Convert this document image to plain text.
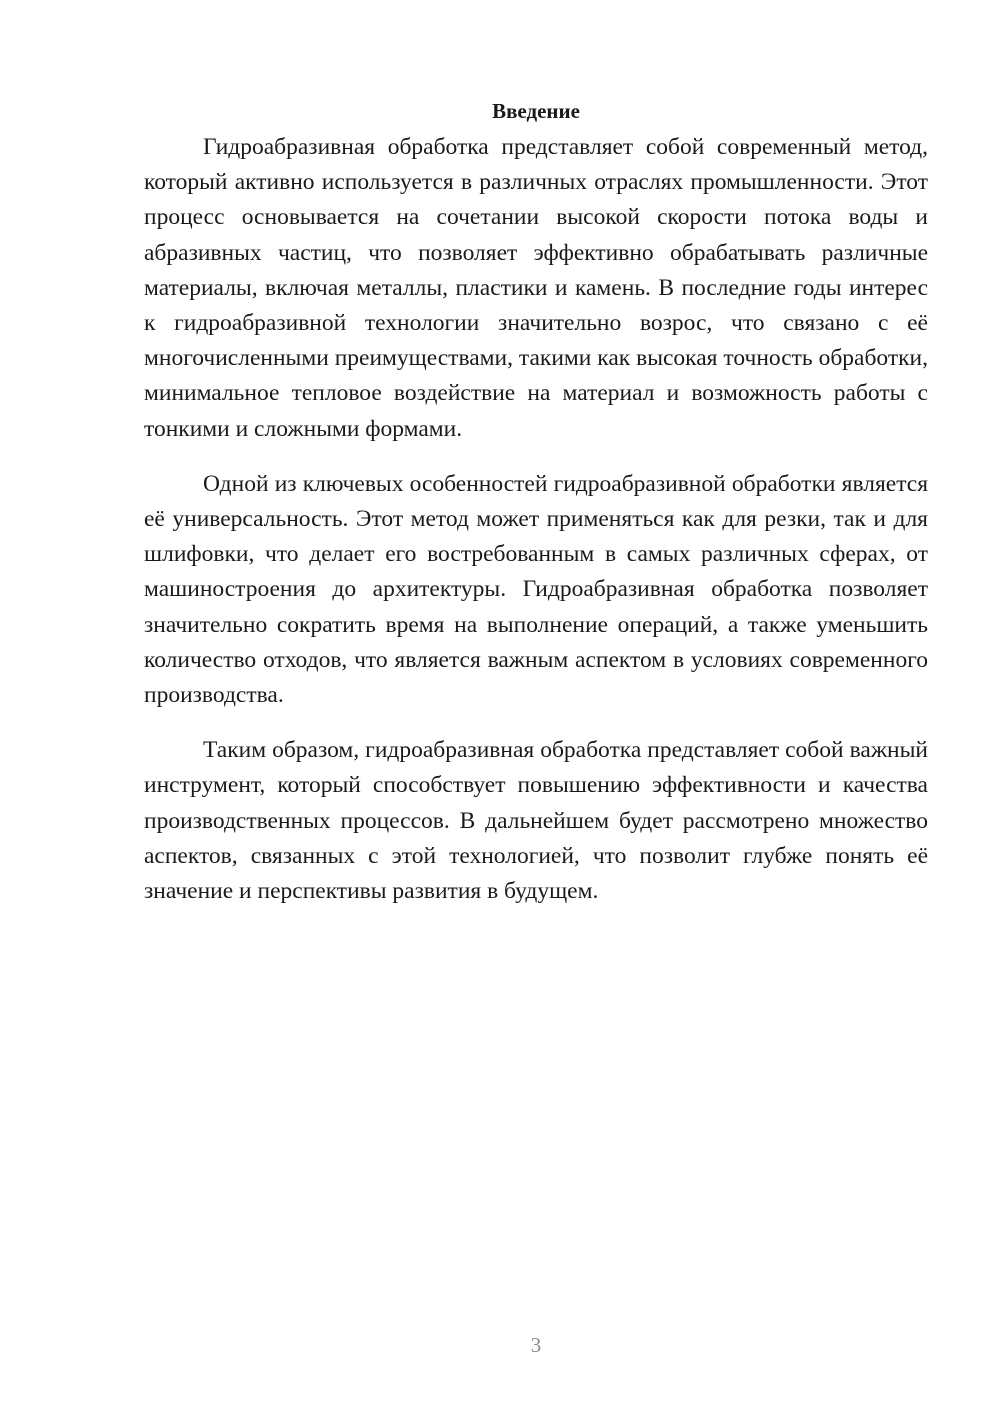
Введение

Гидроабразивная обработка представляет собой современный метод, который активно используется в различных отраслях промышленности. Этот процесс основывается на сочетании высокой скорости потока воды и абразивных частиц, что позволяет эффективно обрабатывать различные материалы, включая металлы, пластики и камень. В последние годы интерес к гидроабразивной технологии значительно возрос, что связано с её многочисленными преимуществами, такими как высокая точность обработки, минимальное тепловое воздействие на материал и возможность работы с тонкими и сложными формами.

Одной из ключевых особенностей гидроабразивной обработки является её универсальность. Этот метод может применяться как для резки, так и для шлифовки, что делает его востребованным в самых различных сферах, от машиностроения до архитектуры. Гидроабразивная обработка позволяет значительно сократить время на выполнение операций, а также уменьшить количество отходов, что является важным аспектом в условиях современного производства.

Таким образом, гидроабразивная обработка представляет собой важный инструмент, который способствует повышению эффективности и качества производственных процессов. В дальнейшем будет рассмотрено множество аспектов, связанных с этой технологией, что позволит глубже понять её значение и перспективы развития в будущем.

3
